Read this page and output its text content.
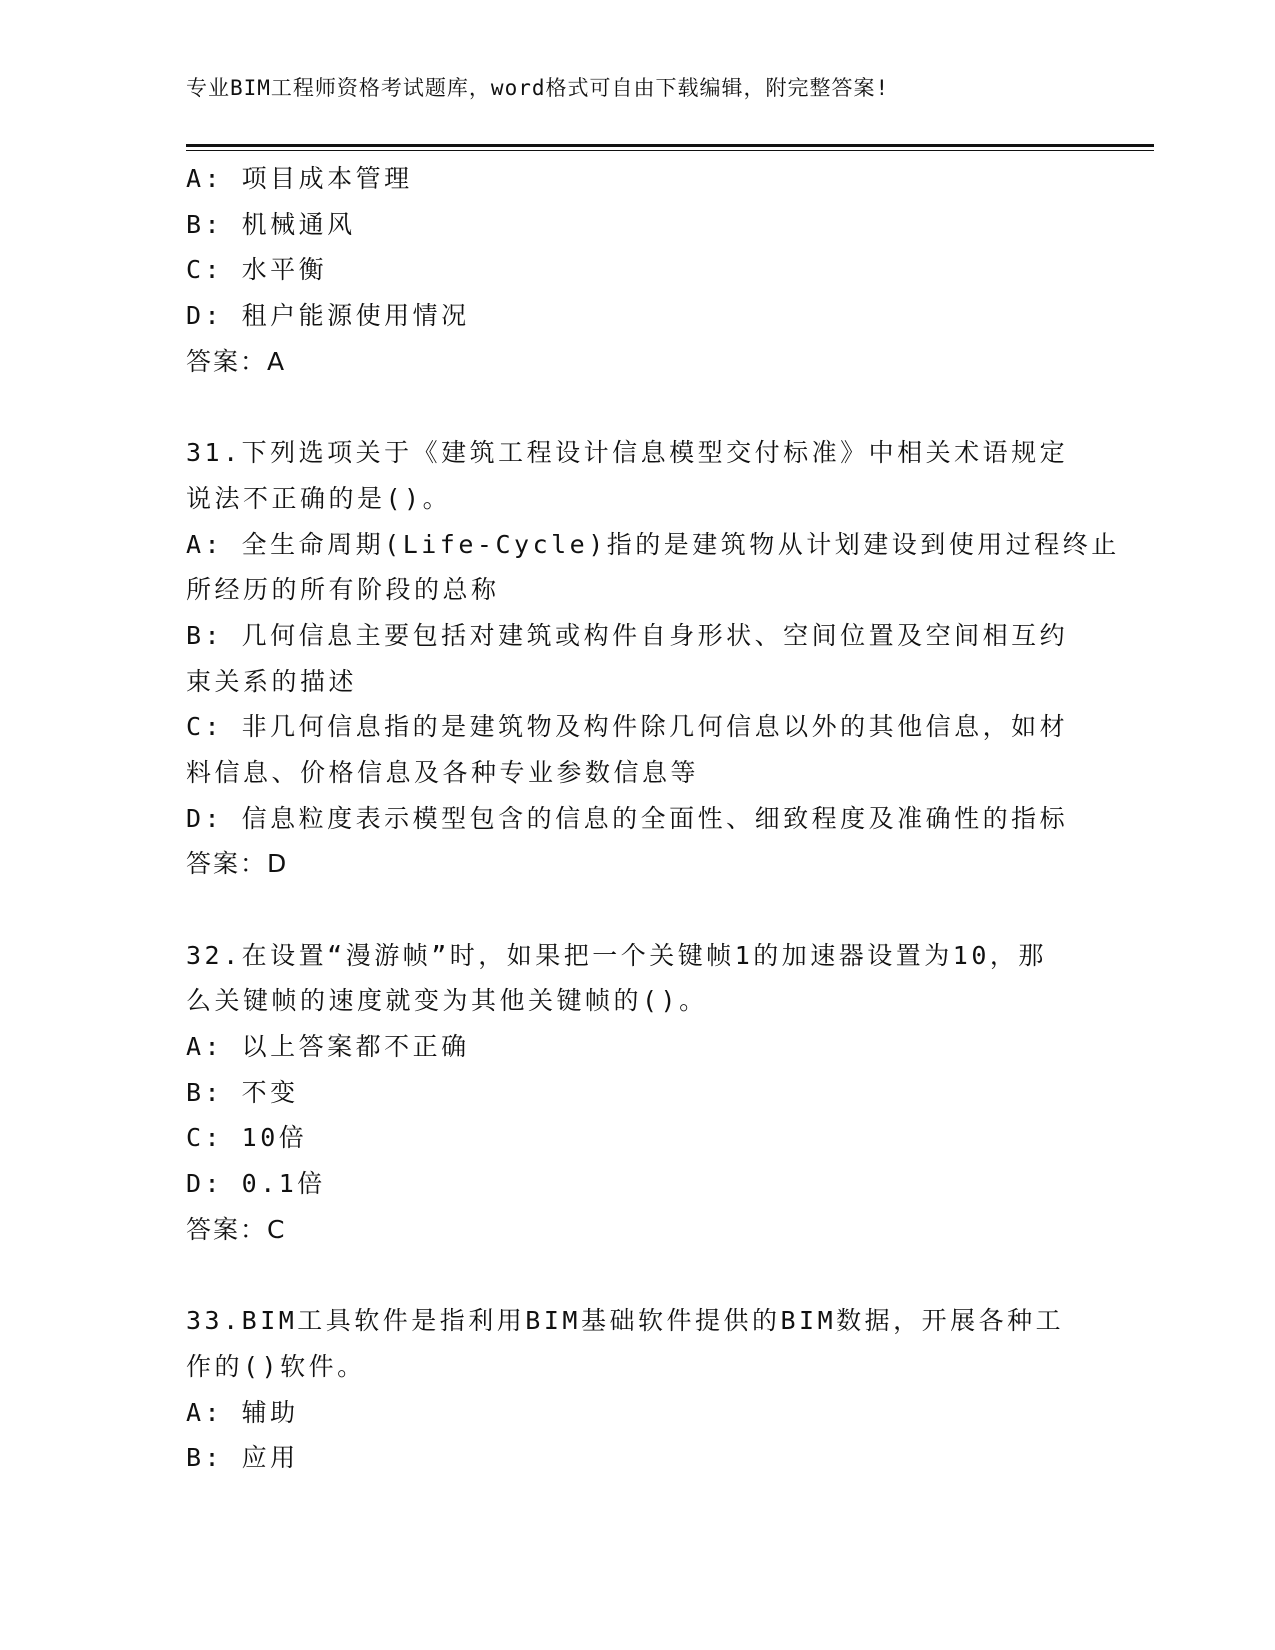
专业BIM工程师资格考试题库，word格式可自由下载编辑，附完整答案!
A: 项目成本管理
B: 机械通风
C: 水平衡
D: 租户能源使用情况
答案：A
31.下列选项关于《建筑工程设计信息模型交付标准》中相关术语规定
说法不正确的是()。
A: 全生命周期(Life-Cycle)指的是建筑物从计划建设到使用过程终止
所经历的所有阶段的总称
B: 几何信息主要包括对建筑或构件自身形状、空间位置及空间相互约
束关系的描述
C: 非几何信息指的是建筑物及构件除几何信息以外的其他信息，如材
料信息、价格信息及各种专业参数信息等
D: 信息粒度表示模型包含的信息的全面性、细致程度及准确性的指标
答案：D
32.在设置“漫游帧”时，如果把一个关键帧1的加速器设置为10，那
么关键帧的速度就变为其他关键帧的()。
A: 以上答案都不正确
B: 不变
C: 10倍
D: 0.1倍
答案：C
33.BIM工具软件是指利用BIM基础软件提供的BIM数据，开展各种工
作的()软件。
A: 辅助
B: 应用
